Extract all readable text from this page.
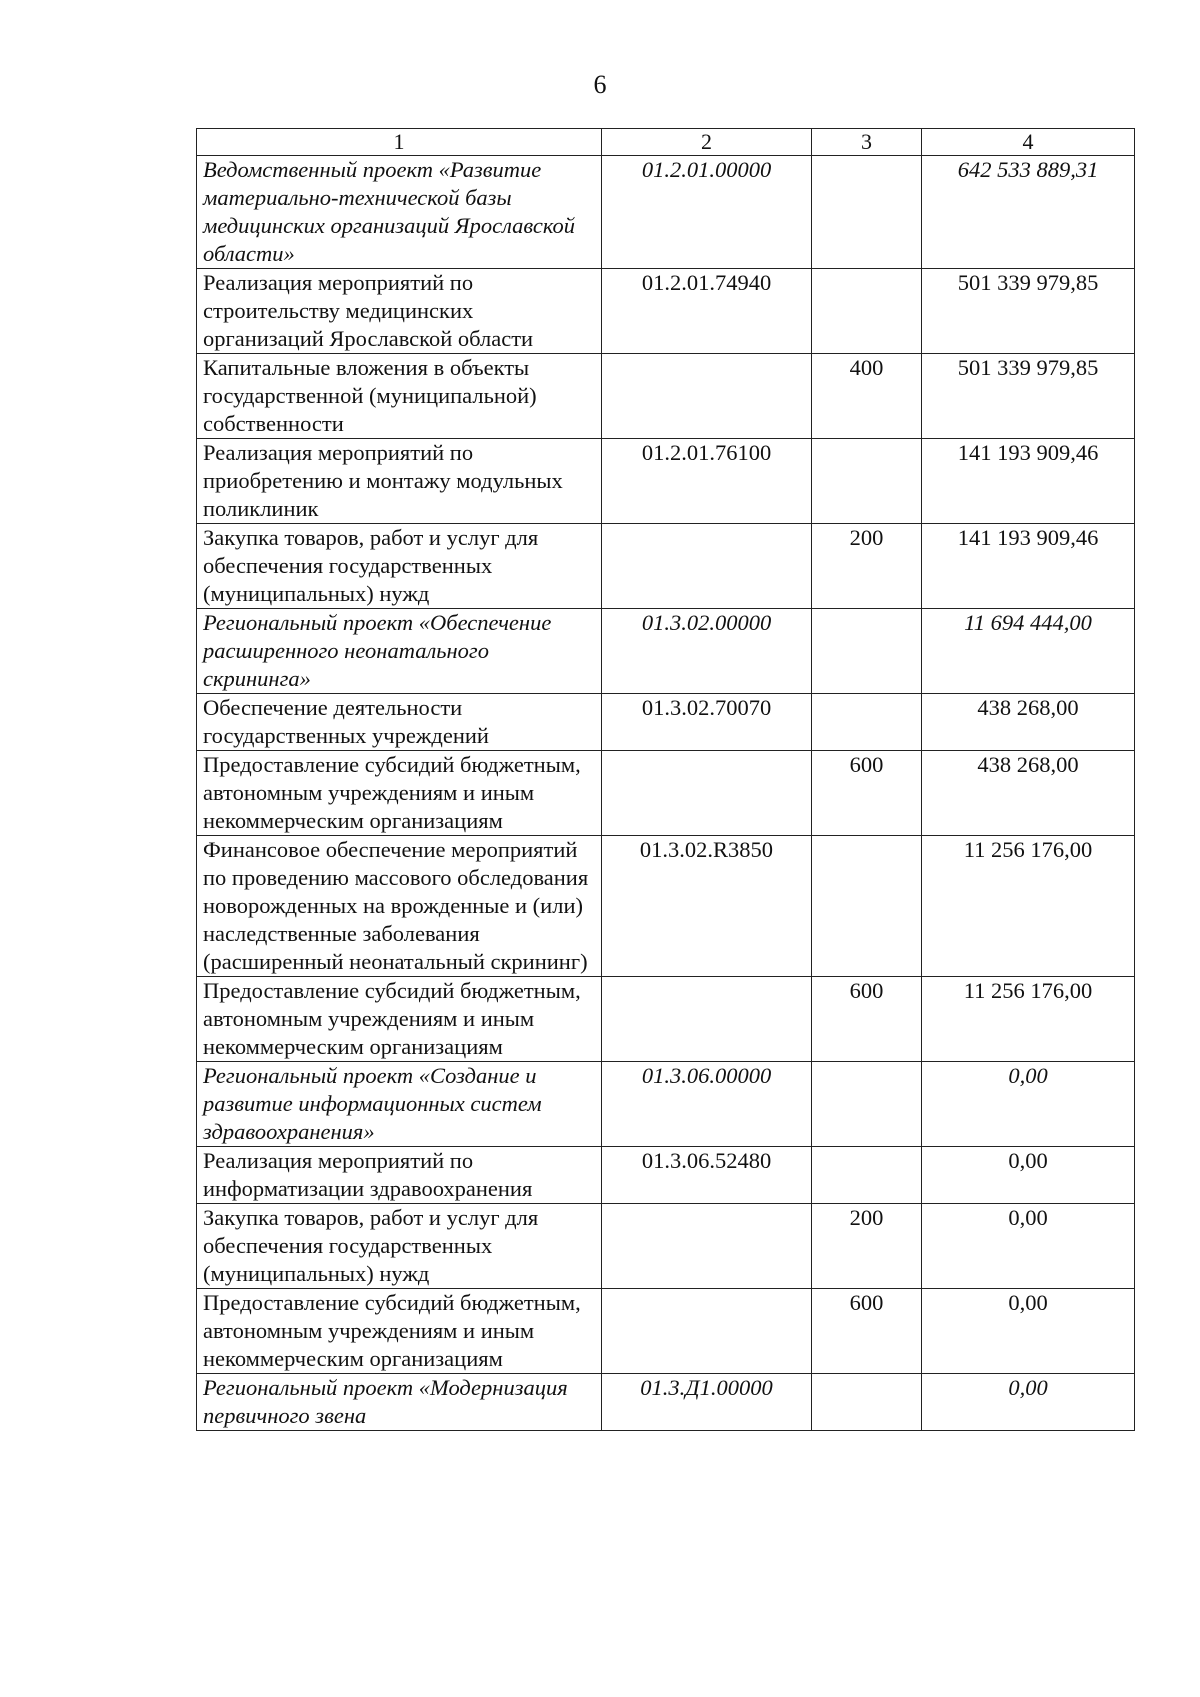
6
1	2	3	4
Ведомственный проект «Развитие материально-технической базы медицинских организаций Ярославской области»	01.2.01.00000		642 533 889,31
Реализация мероприятий по строительству медицинских организаций Ярославской области	01.2.01.74940		501 339 979,85
Капитальные вложения в объекты государственной (муниципальной) собственности		400	501 339 979,85
Реализация мероприятий по приобретению и монтажу модульных поликлиник	01.2.01.76100		141 193 909,46
Закупка товаров, работ и услуг для обеспечения государственных (муниципальных) нужд		200	141 193 909,46
Региональный проект «Обеспечение расширенного неонатального скрининга»	01.3.02.00000		11 694 444,00
Обеспечение деятельности государственных учреждений	01.3.02.70070		438 268,00
Предоставление субсидий бюджетным, автономным учреждениям и иным некоммерческим организациям		600	438 268,00
Финансовое обеспечение мероприятий по проведению массового обследования новорожденных на врожденные и (или) наследственные заболевания (расширенный неонатальный скрининг)	01.3.02.R3850		11 256 176,00
Предоставление субсидий бюджетным, автономным учреждениям и иным некоммерческим организациям		600	11 256 176,00
Региональный проект «Создание и развитие информационных систем здравоохранения»	01.3.06.00000		0,00
Реализация мероприятий по информатизации здравоохранения	01.3.06.52480		0,00
Закупка товаров, работ и услуг для обеспечения государственных (муниципальных) нужд		200	0,00
Предоставление субсидий бюджетным, автономным учреждениям и иным некоммерческим организациям		600	0,00
Региональный проект «Модернизация первичного звена	01.3.Д1.00000		0,00
